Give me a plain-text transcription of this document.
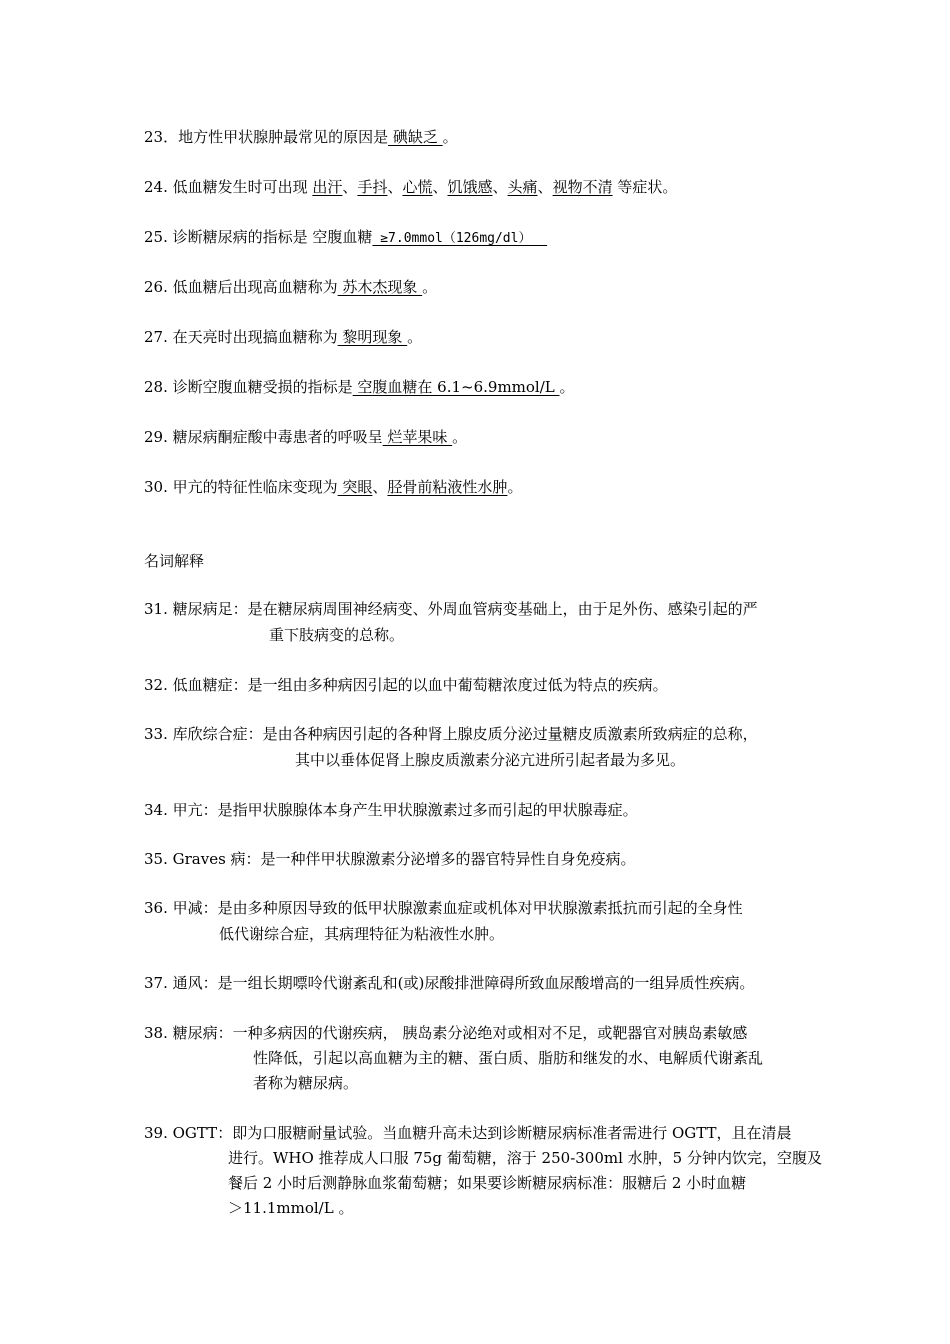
23．地方性甲状腺肿最常见的原因是 碘缺乏 。
24. 低血糖发生时可出现 出汗、手抖、心慌、饥饿感、头痛、视物不清 等症状。
25. 诊断糖尿病的指标是 空腹血糖 ≥7.0mmol（126mg/dl）
26. 低血糖后出现高血糖称为 苏木杰现象 。
27. 在天亮时出现搞血糖称为 黎明现象 。
28. 诊断空腹血糖受损的指标是 空腹血糖在 6.1~6.9mmol/L 。
29. 糖尿病酮症酸中毒患者的呼吸呈 烂苹果味 。
30. 甲亢的特征性临床变现为 突眼、胫骨前粘液性水肿。
名词解释
31. 糖尿病足：是在糖尿病周围神经病变、外周血管病变基础上，由于足外伤、感染引起的严
重下肢病变的总称。
32. 低血糖症：是一组由多种病因引起的以血中葡萄糖浓度过低为特点的疾病。
33. 库欣综合症：是由各种病因引起的各种肾上腺皮质分泌过量糖皮质激素所致病症的总称，
其中以垂体促肾上腺皮质激素分泌亢进所引起者最为多见。
34. 甲亢：是指甲状腺腺体本身产生甲状腺激素过多而引起的甲状腺毒症。
35. Graves 病：是一种伴甲状腺激素分泌增多的器官特异性自身免疫病。
36. 甲减：是由多种原因导致的低甲状腺激素血症或机体对甲状腺激素抵抗而引起的全身性
低代谢综合症，其病理特征为粘液性水肿。
37. 通风：是一组长期嘌呤代谢紊乱和(或)尿酸排泄障碍所致血尿酸增高的一组异质性疾病。
38. 糖尿病：一种多病因的代谢疾病， 胰岛素分泌绝对或相对不足，或靶器官对胰岛素敏感
性降低，引起以高血糖为主的糖、蛋白质、脂肪和继发的水、电解质代谢紊乱
者称为糖尿病。
39. OGTT：即为口服糖耐量试验。当血糖升高未达到诊断糖尿病标准者需进行 OGTT，且在清晨
进行。WHO 推荐成人口服 75g 葡萄糖，溶于 250-300ml 水肿，5 分钟内饮完，空腹及
餐后 2 小时后测静脉血浆葡萄糖；如果要诊断糖尿病标准：服糖后 2 小时血糖
＞11.1mmol/L 。
